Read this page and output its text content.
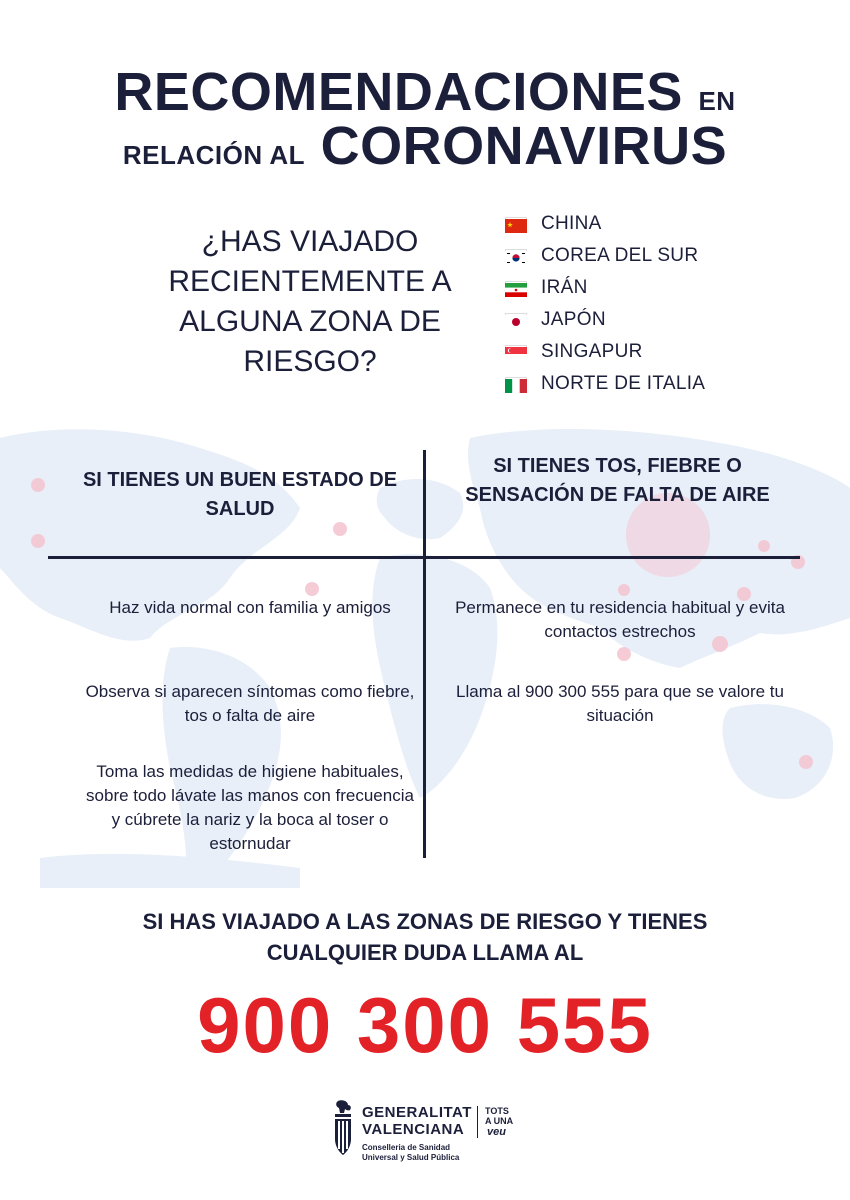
RECOMENDACIONES EN
RELACIÓN AL CORONAVIRUS
¿HAS VIAJADO RECIENTEMENTE A ALGUNA ZONA DE RIESGO?
CHINA
COREA DEL SUR
IRÁN
JAPÓN
SINGAPUR
NORTE DE ITALIA
SI TIENES UN BUEN ESTADO DE SALUD
SI TIENES TOS, FIEBRE O SENSACIÓN DE FALTA DE AIRE
Haz vida normal con familia y amigos
Observa si aparecen síntomas como fiebre, tos o falta de aire
Toma las medidas de higiene habituales, sobre todo lávate las manos con frecuencia y cúbrete la nariz y la boca al toser o estornudar
Permanece en tu residencia habitual y evita contactos estrechos
Llama al 900 300 555 para que se valore tu situación
SI HAS VIAJADO A LAS ZONAS DE RIESGO Y TIENES
CUALQUIER DUDA LLAMA AL
900 300 555
GENERALITAT
VALENCIANA
Conselleria de Sanidad
Universal y Salud Pública
TOTS
A UNA
veu
